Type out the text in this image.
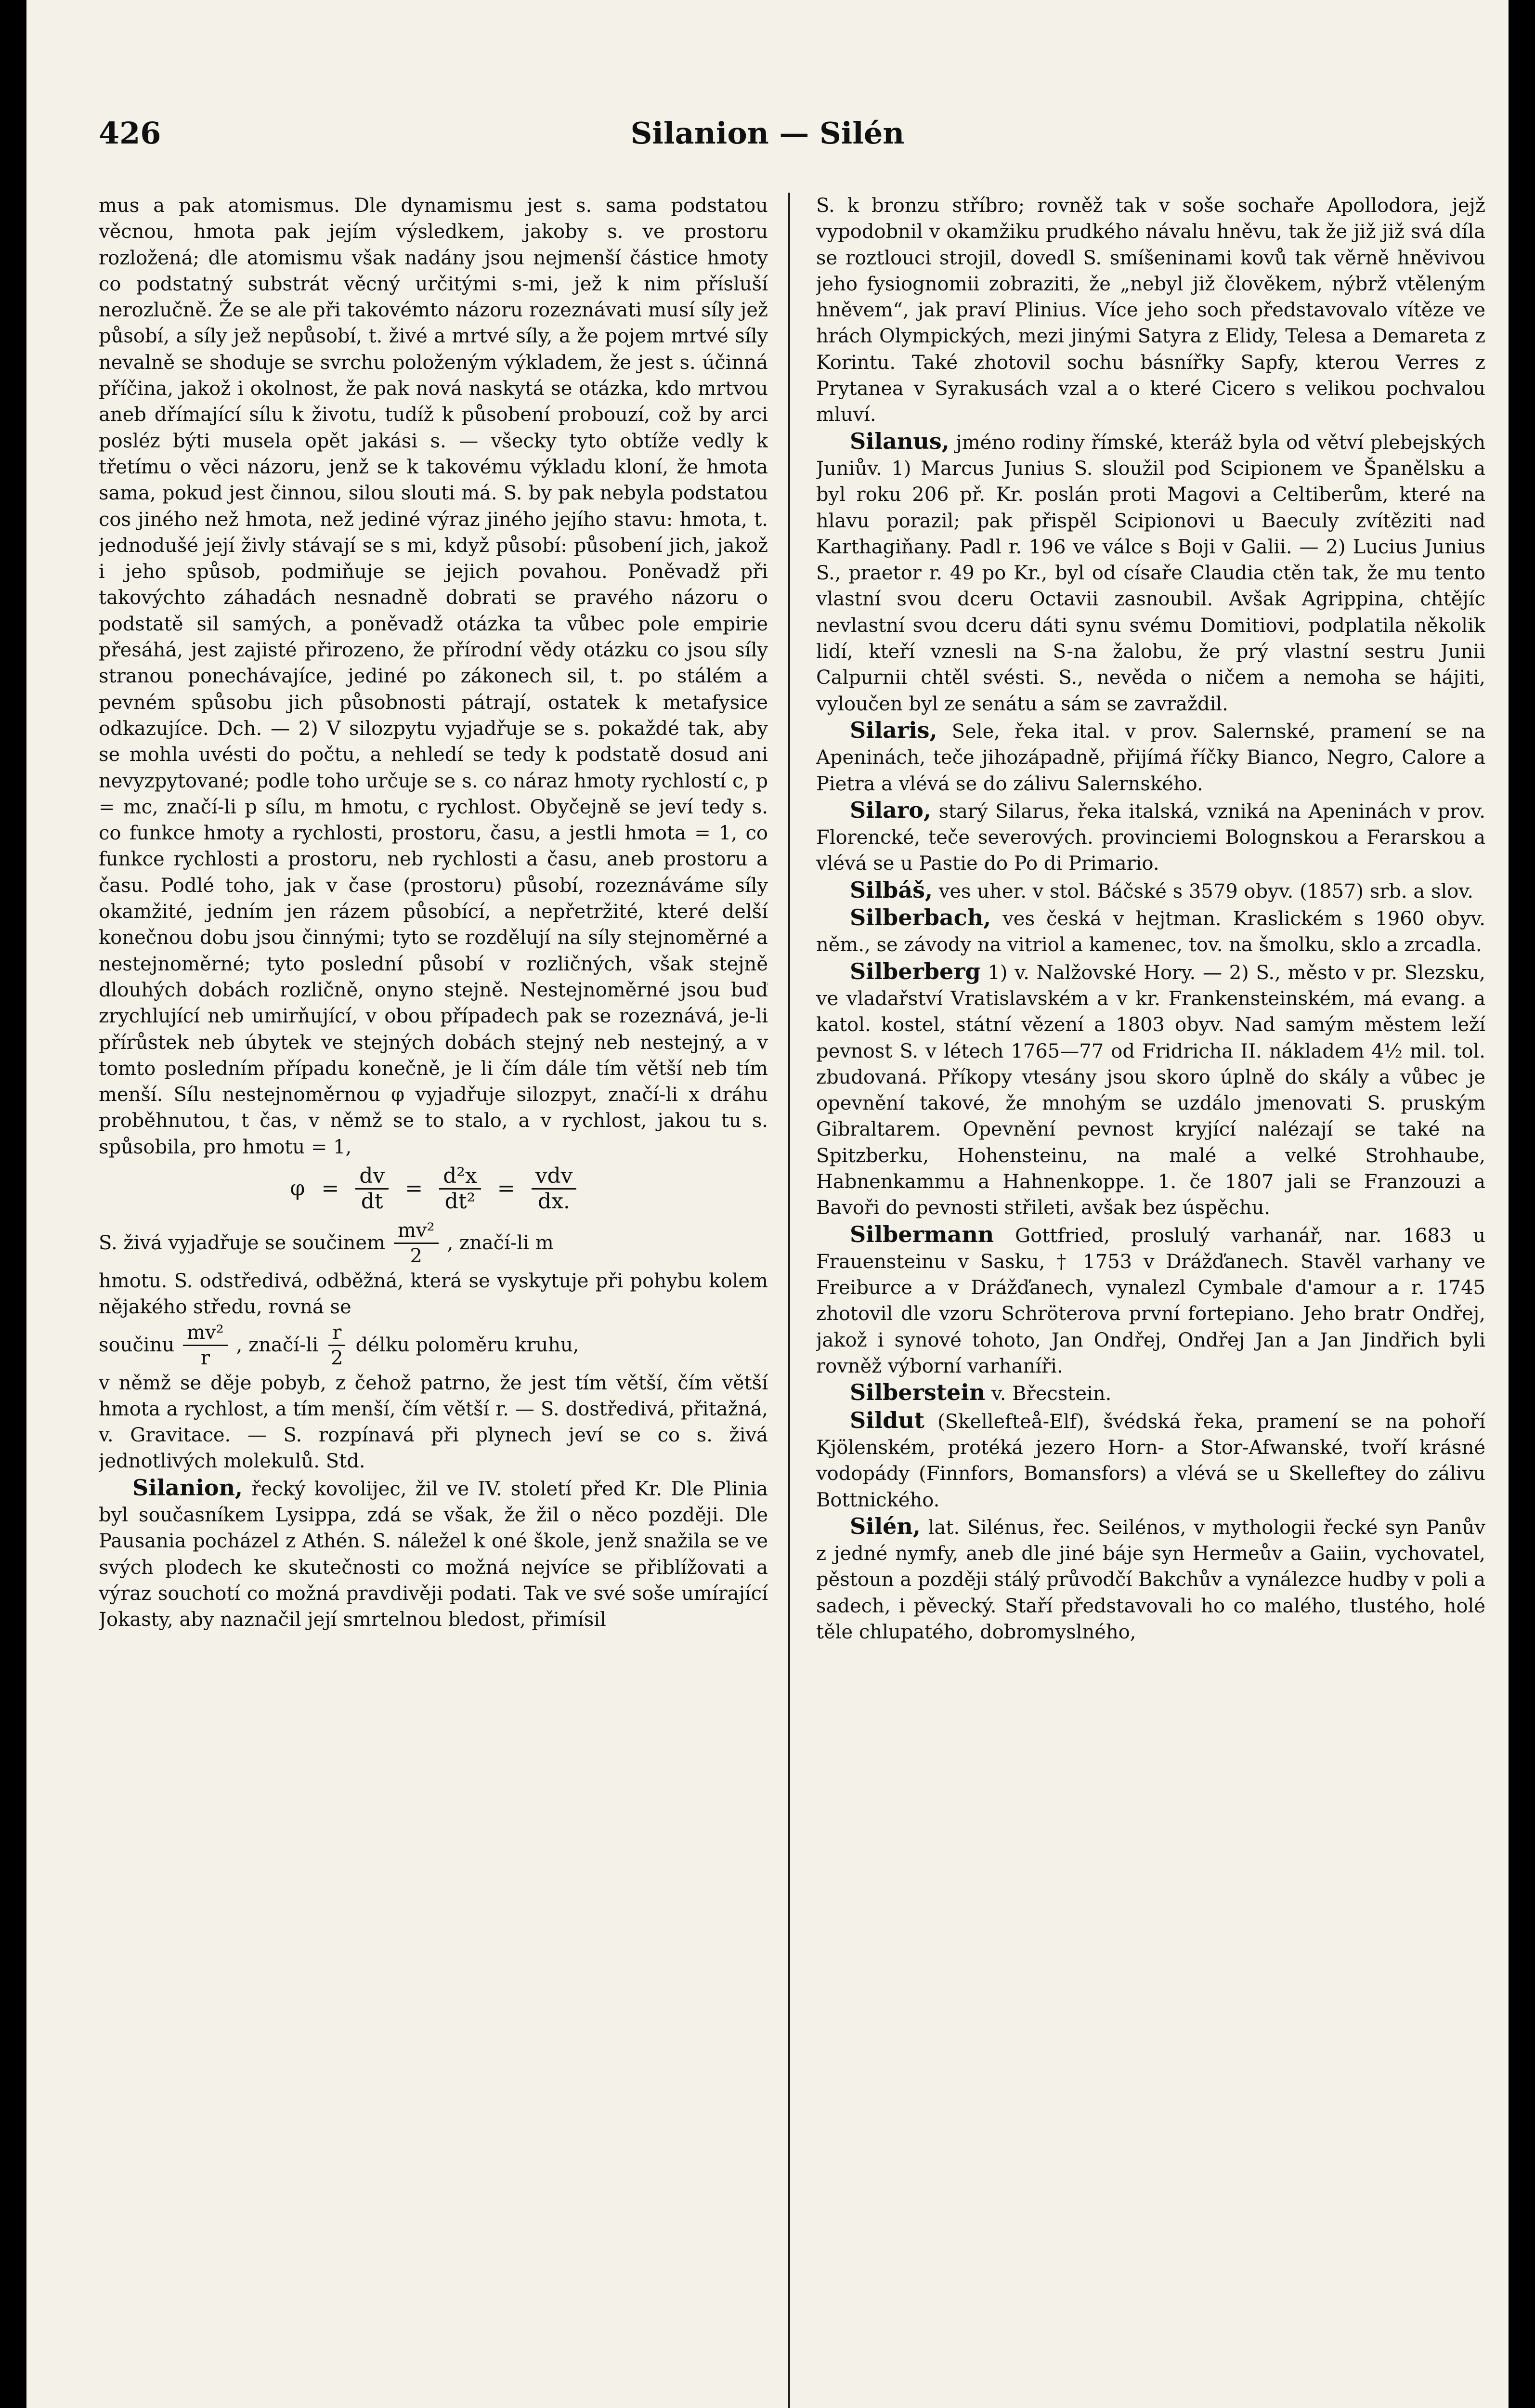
426	Silanion — Silén

mus a pak atomismus. Dle dynamismu jest s. sama podstatou věcnou, hmota pak jejím výsledkem, jakoby s. ve prostoru rozložená; dle atomismu však nadány jsou nejmenší částice hmoty co podstatný substrát věcný určitými s-mi, jež k nim přísluší nerozlučně. Že se ale při takovémto názoru rozeznávati musí síly jež působí, a síly jež nepůsobí, t. živé a mrtvé síly, a že pojem mrtvé síly nevalně se shoduje se svrchu položeným výkladem, že jest s. účinná příčina, jakož i okolnost, že pak nová naskytá se otázka, kdo mrtvou aneb dřímající sílu k životu, tudíž k působení probouzí, což by arci posléz býti musela opět jakási s. — všecky tyto obtíže vedly k třetímu o věci názoru, jenž se k takovému výkladu kloní, že hmota sama, pokud jest činnou, silou slouti má. S. by pak nebyla podstatou cos jiného než hmota, než jediné výraz jiného jejího stavu: hmota, t. jednodušé její živly stávají se s mi, když působí: působení jich, jakož i jeho spůsob, podmiňuje se jejich povahou. Poněvadž při takovýchto záhadách nesnadně dobrati se pravého názoru o podstatě sil samých, a poněvadž otázka ta vůbec pole empirie přesáhá, jest zajisté přirozeno, že přírodní vědy otázku co jsou síly stranou ponechávajíce, jediné po zákonech sil, t. po stálém a pevném spůsobu jich působnosti pátrají, ostatek k metafysice odkazujíce. Dch. — 2) V silozpytu vyjadřuje se s. pokaždé tak, aby se mohla uvésti do počtu, a nehledí se tedy k podstatě dosud ani nevyzpytované; podle toho určuje se s. co náraz hmoty rychlostí c, p = mc, značí-li p sílu, m hmotu, c rychlost. Obyčejně se jeví tedy s. co funkce hmoty a rychlosti, prostoru, času, a jestli hmota = 1, co funkce rychlosti a prostoru, neb rychlosti a času, aneb prostoru a času. Podlé toho, jak v čase (prostoru) působí, rozeznáváme síly okamžité, jedním jen rázem působící, a nepřetržité, které delší konečnou dobu jsou činnými; tyto se rozdělují na síly stejnoměrné a nestejnoměrné; tyto poslední působí v rozličných, však stejně dlouhých dobách rozličně, onyno stejně. Nestejnoměrné jsou buď zrychlující neb umirňující, v obou případech pak se rozeznává, je-li přírůstek neb úbytek ve stejných dobách stejný neb nestejný, a v tomto posledním případu konečně, je li čím dále tím větší neb tím menší. Sílu nestejnoměrnou φ vyjadřuje silozpyt, značí-li x dráhu proběhnutou, t čas, v němž se to stalo, a v rychlost, jakou tu s. spůsobila, pro hmotu = 1,

$\varphi = \frac{dv}{dt} = \frac{\text{d²x}}{\text{dt²}} = \frac{\text{vdv}}{dx.}$
S. živá vyjadřuje se součinem $\frac{\text{mv²}}{2}$ , značí-li m

hmotu. S. odstředivá, odběžná, která se vyskytuje při pohybu kolem nějakého středu, rovná se

součinu $\frac{\text{mv²}}{r}$ , značí-li $\frac{r}{2}$ délku poloměru kruhu,

v němž se děje pobyb, z čehož patrno, že jest tím větší, čím větší hmota a rychlost, a tím menší, čím větší r. — S. dostředivá, přitažná, v. Gravitace. — S. rozpínavá při plynech jeví se co s. živá jednotlivých molekulů. Std.

Silanion, řecký kovolijec, žil ve IV. století před Kr. Dle Plinia byl současníkem Lysippa, zdá se však, že žil o něco později. Dle Pausania pocházel z Athén. S. náležel k oné škole, jenž snažila se ve svých plodech ke skutečnosti co možná nejvíce se přiblížovati a výraz souchotí co možná pravdivěji podati. Tak ve své soše umírající Jokasty, aby naznačil její smrtelnou bledost, přimísil

S. k bronzu stříbro; rovněž tak v soše sochaře Apollodora, jejž vypodobnil v okamžiku prudkého návalu hněvu, tak že již již svá díla se roztlouci strojil, dovedl S. smíšeninami kovů tak věrně hněvivou jeho fysiognomii zobraziti, že „nebyl již člověkem, nýbrž vtěleným hněvem“, jak praví Plinius. Více jeho soch představovalo vítěze ve hrách Olympických, mezi jinými Satyra z Elidy, Telesa a Demareta z Korintu. Také zhotovil sochu básnířky Sapfy, kterou Verres z Prytanea v Syrakusách vzal a o které Cicero s velikou pochvalou mluví.

Silanus, jméno rodiny římské, kteráž byla od větví plebejských Juniův. 1) Marcus Junius S. sloužil pod Scipionem ve Španělsku a byl roku 206 př. Kr. poslán proti Magovi a Celtiberům, které na hlavu porazil; pak přispěl Scipionovi u Baeculy zvítěziti nad Karthagiňany. Padl r. 196 ve válce s Boji v Galii. — 2) Lucius Junius S., praetor r. 49 po Kr., byl od císaře Claudia ctěn tak, že mu tento vlastní svou dceru Octavii zasnoubil. Avšak Agrippina, chtějíc nevlastní svou dceru dáti synu svému Domitiovi, podplatila několik lidí, kteří vznesli na S-na žalobu, že prý vlastní sestru Junii Calpurnii chtěl svésti. S., nevěda o ničem a nemoha se hájiti, vyloučen byl ze senátu a sám se zavraždil.

Silaris, Sele, řeka ital. v prov. Salernské, pramení se na Apeninách, teče jihozápadně, přijímá říčky Bianco, Negro, Calore a Pietra a vlévá se do zálivu Salernského.

Silaro, starý Silarus, řeka italská, vzniká na Apeninách v prov. Florencké, teče severových. provinciemi Bolognskou a Ferarskou a vlévá se u Pastie do Po di Primario.

Silbáš, ves uher. v stol. Báčské s 3579 obyv. (1857) srb. a slov.

Silberbach, ves česká v hejtman. Kraslickém s 1960 obyv. něm., se závody na vitriol a kamenec, tov. na šmolku, sklo a zrcadla.

Silberberg 1) v. Nalžovské Hory. — 2) S., město v pr. Slezsku, ve vladařství Vratislavském a v kr. Frankensteinském, má evang. a katol. kostel, státní vězení a 1803 obyv. Nad samým městem leží pevnost S. v létech 1765—77 od Fridricha II. nákladem 4½ mil. tol. zbudovaná. Příkopy vtesány jsou skoro úplně do skály a vůbec je opevnění takové, že mnohým se uzdálo jmenovati S. pruským Gibraltarem. Opevnění pevnost kryjící nalézají se také na Spitzberku, Hohensteinu, na malé a velké Strohhaube, Habnenkammu a Hahnenkoppe. 1. če 1807 jali se Franzouzi a Bavoři do pevnosti střileti, avšak bez úspěchu.

Silbermann Gottfried, proslulý varhanář, nar. 1683 u Frauensteinu v Sasku, † 1753 v Drážďanech. Stavěl varhany ve Freiburce a v Drážďanech, vynalezl Cymbale d'amour a r. 1745 zhotovil dle vzoru Schröterova první fortepiano. Jeho bratr Ondřej, jakož i synové tohoto, Jan Ondřej, Ondřej Jan a Jan Jindřich byli rovněž výborní varhaníři.

Silberstein v. Břecstein.

Sildut (Skellefteå-Elf), švédská řeka, pramení se na pohoří Kjölenském, protéká jezero Horn- a Stor-Afwanské, tvoří krásné vodopády (Finnfors, Bomansfors) a vlévá se u Skelleftey do zálivu Bottnického.

Silén, lat. Silénus, řec. Seilénos, v mythologii řecké syn Panův z jedné nymfy, aneb dle jiné báje syn Hermeův a Gaiin, vychovatel, pěstoun a později stálý průvodčí Bakchův a vynálezce hudby v poli a sadech, i pěvecký. Staří představovali ho co malého, tlustého, holé těle chlupatého, dobromyslného,
